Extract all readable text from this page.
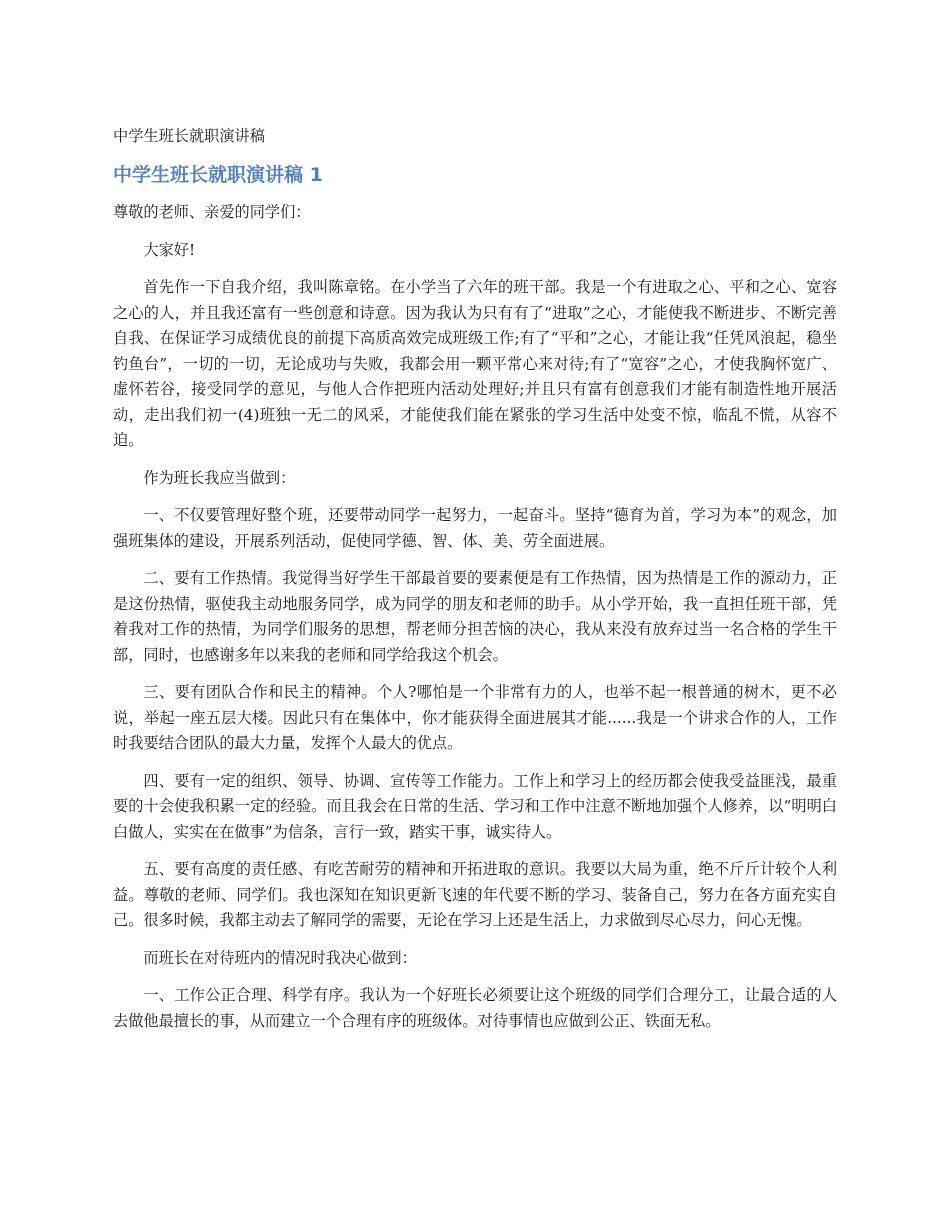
中学生班长就职演讲稿
中学生班长就职演讲稿 1

尊敬的老师、亲爱的同学们：

大家好!

首先作一下自我介绍，我叫陈章铭。在小学当了六年的班干部。我是一个有进取之心、平和之心、宽容之心的人，并且我还富有一些创意和诗意。因为我认为只有有了“进取”之心，才能使我不断进步、不断完善自我、在保证学习成绩优良的前提下高质高效完成班级工作;有了“平和”之心，才能让我“任凭风浪起，稳坐钓鱼台”，一切的一切，无论成功与失败，我都会用一颗平常心来对待;有了“宽容”之心，才使我胸怀宽广、虚怀若谷，接受同学的意见，与他人合作把班内活动处理好;并且只有富有创意我们才能有制造性地开展活动，走出我们初一(4)班独一无二的风采，才能使我们能在紧张的学习生活中处变不惊，临乱不慌，从容不迫。

作为班长我应当做到：

一、不仅要管理好整个班，还要带动同学一起努力，一起奋斗。坚持“德育为首，学习为本”的观念，加强班集体的建设，开展系列活动，促使同学德、智、体、美、劳全面进展。

二、要有工作热情。我觉得当好学生干部最首要的要素便是有工作热情，因为热情是工作的源动力，正是这份热情，驱使我主动地服务同学，成为同学的朋友和老师的助手。从小学开始，我一直担任班干部，凭着我对工作的热情，为同学们服务的思想，帮老师分担苦恼的决心，我从来没有放弃过当一名合格的学生干部，同时，也感谢多年以来我的老师和同学给我这个机会。

三、要有团队合作和民主的精神。个人?哪怕是一个非常有力的人，也举不起一根普通的树木，更不必说，举起一座五层大楼。因此只有在集体中，你才能获得全面进展其才能......我是一个讲求合作的人，工作时我要结合团队的最大力量，发挥个人最大的优点。

四、要有一定的组织、领导、协调、宣传等工作能力。工作上和学习上的经历都会使我受益匪浅，最重要的十会使我积累一定的经验。而且我会在日常的生活、学习和工作中注意不断地加强个人修养，以“明明白白做人，实实在在做事”为信条，言行一致，踏实干事，诚实待人。

五、要有高度的责任感、有吃苦耐劳的精神和开拓进取的意识。我要以大局为重，绝不斤斤计较个人利益。尊敬的老师、同学们。我也深知在知识更新飞速的年代要不断的学习、装备自己，努力在各方面充实自己。很多时候，我都主动去了解同学的需要，无论在学习上还是生活上，力求做到尽心尽力，问心无愧。

而班长在对待班内的情况时我决心做到：

一、工作公正合理、科学有序。我认为一个好班长必须要让这个班级的同学们合理分工，让最合适的人去做他最擅长的事，从而建立一个合理有序的班级体。对待事情也应做到公正、铁面无私。
